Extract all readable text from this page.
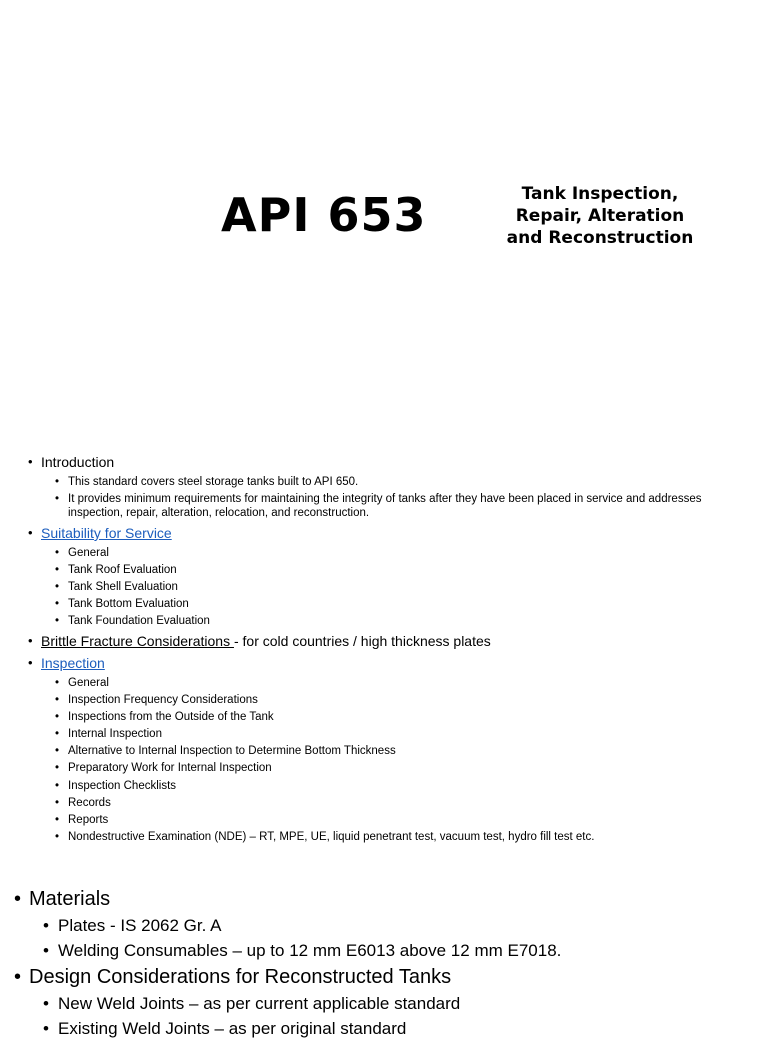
API 653	Tank Inspection, Repair, Alteration and Reconstruction
• Introduction
• This standard covers steel storage tanks built to API 650.
• It provides minimum requirements for maintaining the integrity of tanks after they have been placed in service and addresses inspection, repair, alteration, relocation, and reconstruction.
• Suitability for Service
• General
• Tank Roof Evaluation
• Tank Shell Evaluation
• Tank Bottom Evaluation
• Tank Foundation Evaluation
• Brittle Fracture Considerations - for cold countries / high thickness plates
• Inspection
• General
• Inspection Frequency Considerations
• Inspections from the Outside of the Tank
• Internal Inspection
• Alternative to Internal Inspection to Determine Bottom Thickness
• Preparatory Work for Internal Inspection
• Inspection Checklists
• Records
• Reports
• Nondestructive Examination (NDE) – RT, MPE, UE, liquid penetrant test, vacuum test, hydro fill test etc.
• Materials
• Plates - IS 2062 Gr. A
• Welding Consumables – up to 12 mm E6013 above 12 mm E7018.
• Design Considerations for Reconstructed Tanks
• New Weld Joints – as per current applicable standard
• Existing Weld Joints – as per original standard
